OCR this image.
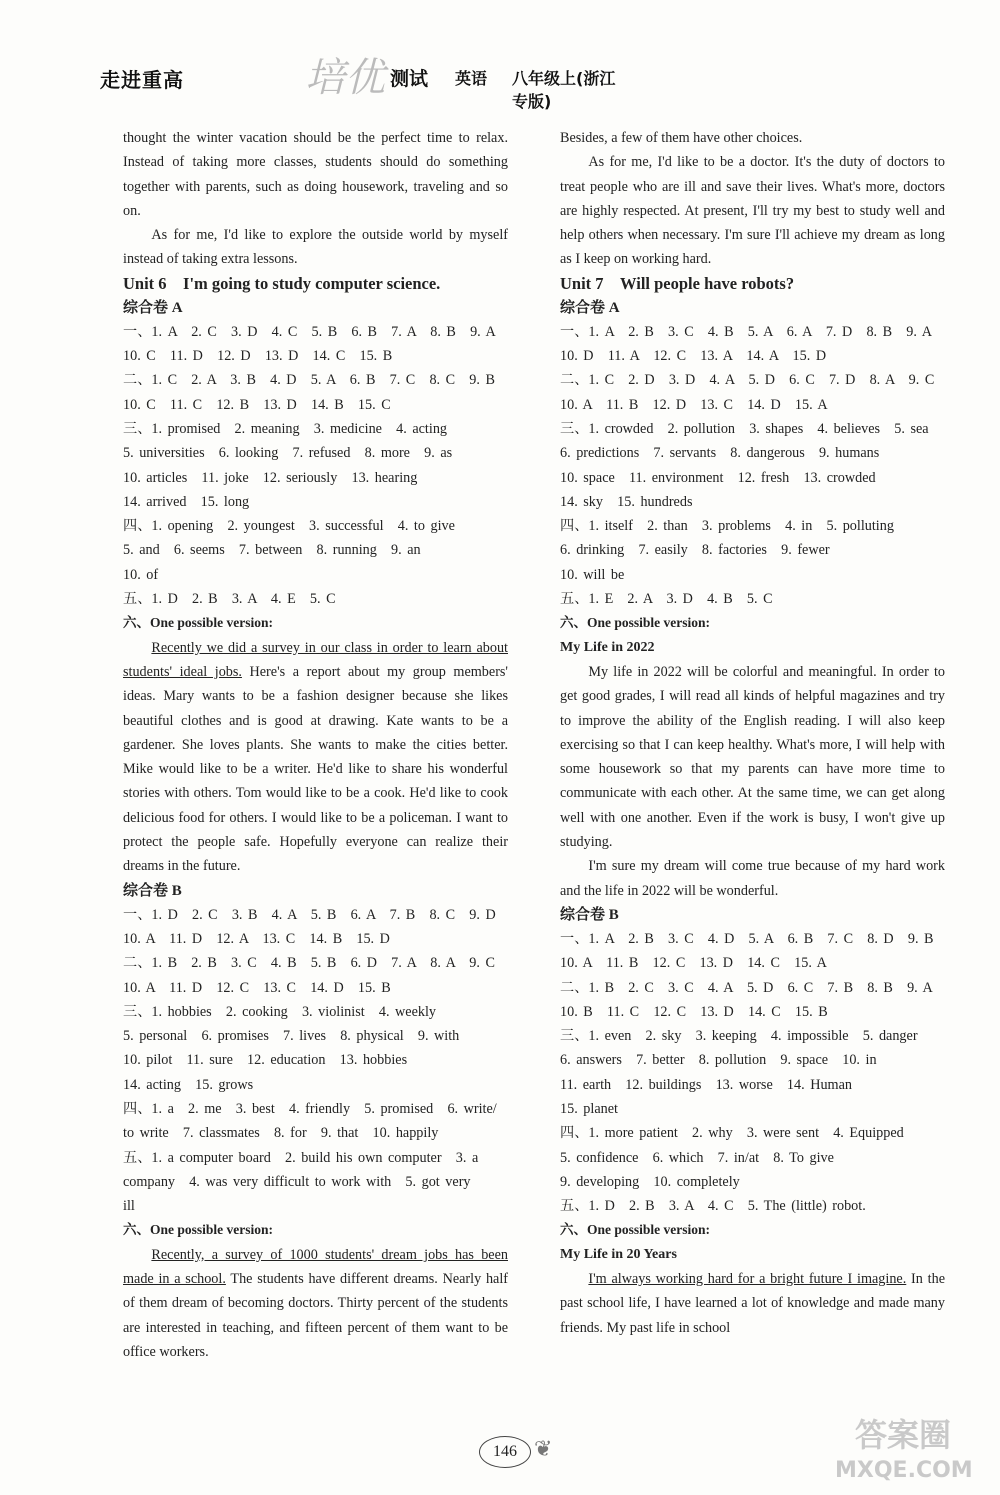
走进重高	培优 测试 英语 八年级上(浙江专版)

thought the winter vacation should be the perfect time to relax. Instead of taking more classes, students should do something together with parents, such as doing housework, traveling and so on.

As for me, I'd like to explore the outside world by myself instead of taking extra lessons.

Unit 6　I'm going to study computer science.

综合卷 A

一、1. A　2. C　3. D　4. C　5. B　6. B　7. A　8. B　9. A

10. C　11. D　12. D　13. D　14. C　15. B

二、1. C　2. A　3. B　4. D　5. A　6. B　7. C　8. C　9. B

10. C　11. C　12. B　13. D　14. B　15. C

三、1. promised　2. meaning　3. medicine　4. acting

5. universities　6. looking　7. refused　8. more　9. as

10. articles　11. joke　12. seriously　13. hearing

14. arrived　15. long

四、1. opening　2. youngest　3. successful　4. to give

5. and　6. seems　7. between　8. running　9. an

10. of

五、1. D　2. B　3. A　4. E　5. C

六、One possible version:

Recently we did a survey in our class in order to learn about students' ideal jobs. Here's a report about my group members' ideas. Mary wants to be a fashion designer because she likes beautiful clothes and is good at drawing. Kate wants to be a gardener. She loves plants. She wants to make the cities better. Mike would like to be a writer. He'd like to share his wonderful stories with others. Tom would like to be a cook. He'd like to cook delicious food for others. I would like to be a policeman. I want to protect the people safe. Hopefully everyone can realize their dreams in the future.

综合卷 B

一、1. D　2. C　3. B　4. A　5. B　6. A　7. B　8. C　9. D

10. A　11. D　12. A　13. C　14. B　15. D

二、1. B　2. B　3. C　4. B　5. B　6. D　7. A　8. A　9. C

10. A　11. D　12. C　13. C　14. D　15. B

三、1. hobbies　2. cooking　3. violinist　4. weekly

5. personal　6. promises　7. lives　8. physical　9. with

10. pilot　11. sure　12. education　13. hobbies

14. acting　15. grows

四、1. a　2. me　3. best　4. friendly　5. promised　6. write/

to write　7. classmates　8. for　9. that　10. happily

五、1. a computer board　2. build his own computer　3. a

company　4. was very difficult to work with　5. got very

ill

六、One possible version:

Recently, a survey of 1000 students' dream jobs has been made in a school. The students have different dreams. Nearly half of them dream of becoming doctors. Thirty percent of the students are interested in teaching, and fifteen percent of them want to be office workers.

Besides, a few of them have other choices.

As for me, I'd like to be a doctor. It's the duty of doctors to treat people who are ill and save their lives. What's more, doctors are highly respected. At present, I'll try my best to study well and help others when necessary. I'm sure I'll achieve my dream as long as I keep on working hard.

Unit 7　Will people have robots?

综合卷 A

一、1. A　2. B　3. C　4. B　5. A　6. A　7. D　8. B　9. A

10. D　11. A　12. C　13. A　14. A　15. D

二、1. C　2. D　3. D　4. A　5. D　6. C　7. D　8. A　9. C

10. A　11. B　12. D　13. C　14. D　15. A

三、1. crowded　2. pollution　3. shapes　4. believes　5. sea

6. predictions　7. servants　8. dangerous　9. humans

10. space　11. environment　12. fresh　13. crowded

14. sky　15. hundreds

四、1. itself　2. than　3. problems　4. in　5. polluting

6. drinking　7. easily　8. factories　9. fewer

10. will be

五、1. E　2. A　3. D　4. B　5. C

六、One possible version:

My Life in 2022

My life in 2022 will be colorful and meaningful. In order to get good grades, I will read all kinds of helpful magazines and try to improve the ability of the English reading. I will also keep exercising so that I can keep healthy. What's more, I will help with some housework so that my parents can have more time to communicate with each other. At the same time, we can get along well with one another. Even if the work is busy, I won't give up studying.

I'm sure my dream will come true because of my hard work and the life in 2022 will be wonderful.

综合卷 B

一、1. A　2. B　3. C　4. D　5. A　6. B　7. C　8. D　9. B

10. A　11. B　12. C　13. D　14. C　15. A

二、1. B　2. C　3. C　4. A　5. D　6. C　7. B　8. B　9. A

10. B　11. C　12. C　13. D　14. C　15. B

三、1. even　2. sky　3. keeping　4. impossible　5. danger

6. answers　7. better　8. pollution　9. space　10. in

11. earth　12. buildings　13. worse　14. Human

15. planet

四、1. more patient　2. why　3. were sent　4. Equipped

5. confidence　6. which　7. in/at　8. To give

9. developing　10. completely

五、1. D　2. B　3. A　4. C　5. The (little) robot.

六、One possible version:

My Life in 20 Years

I'm always working hard for a bright future I imagine. In the past school life, I have learned a lot of knowledge and made many friends. My past life in school

146 ❦	答案圈
MXQE.COM
